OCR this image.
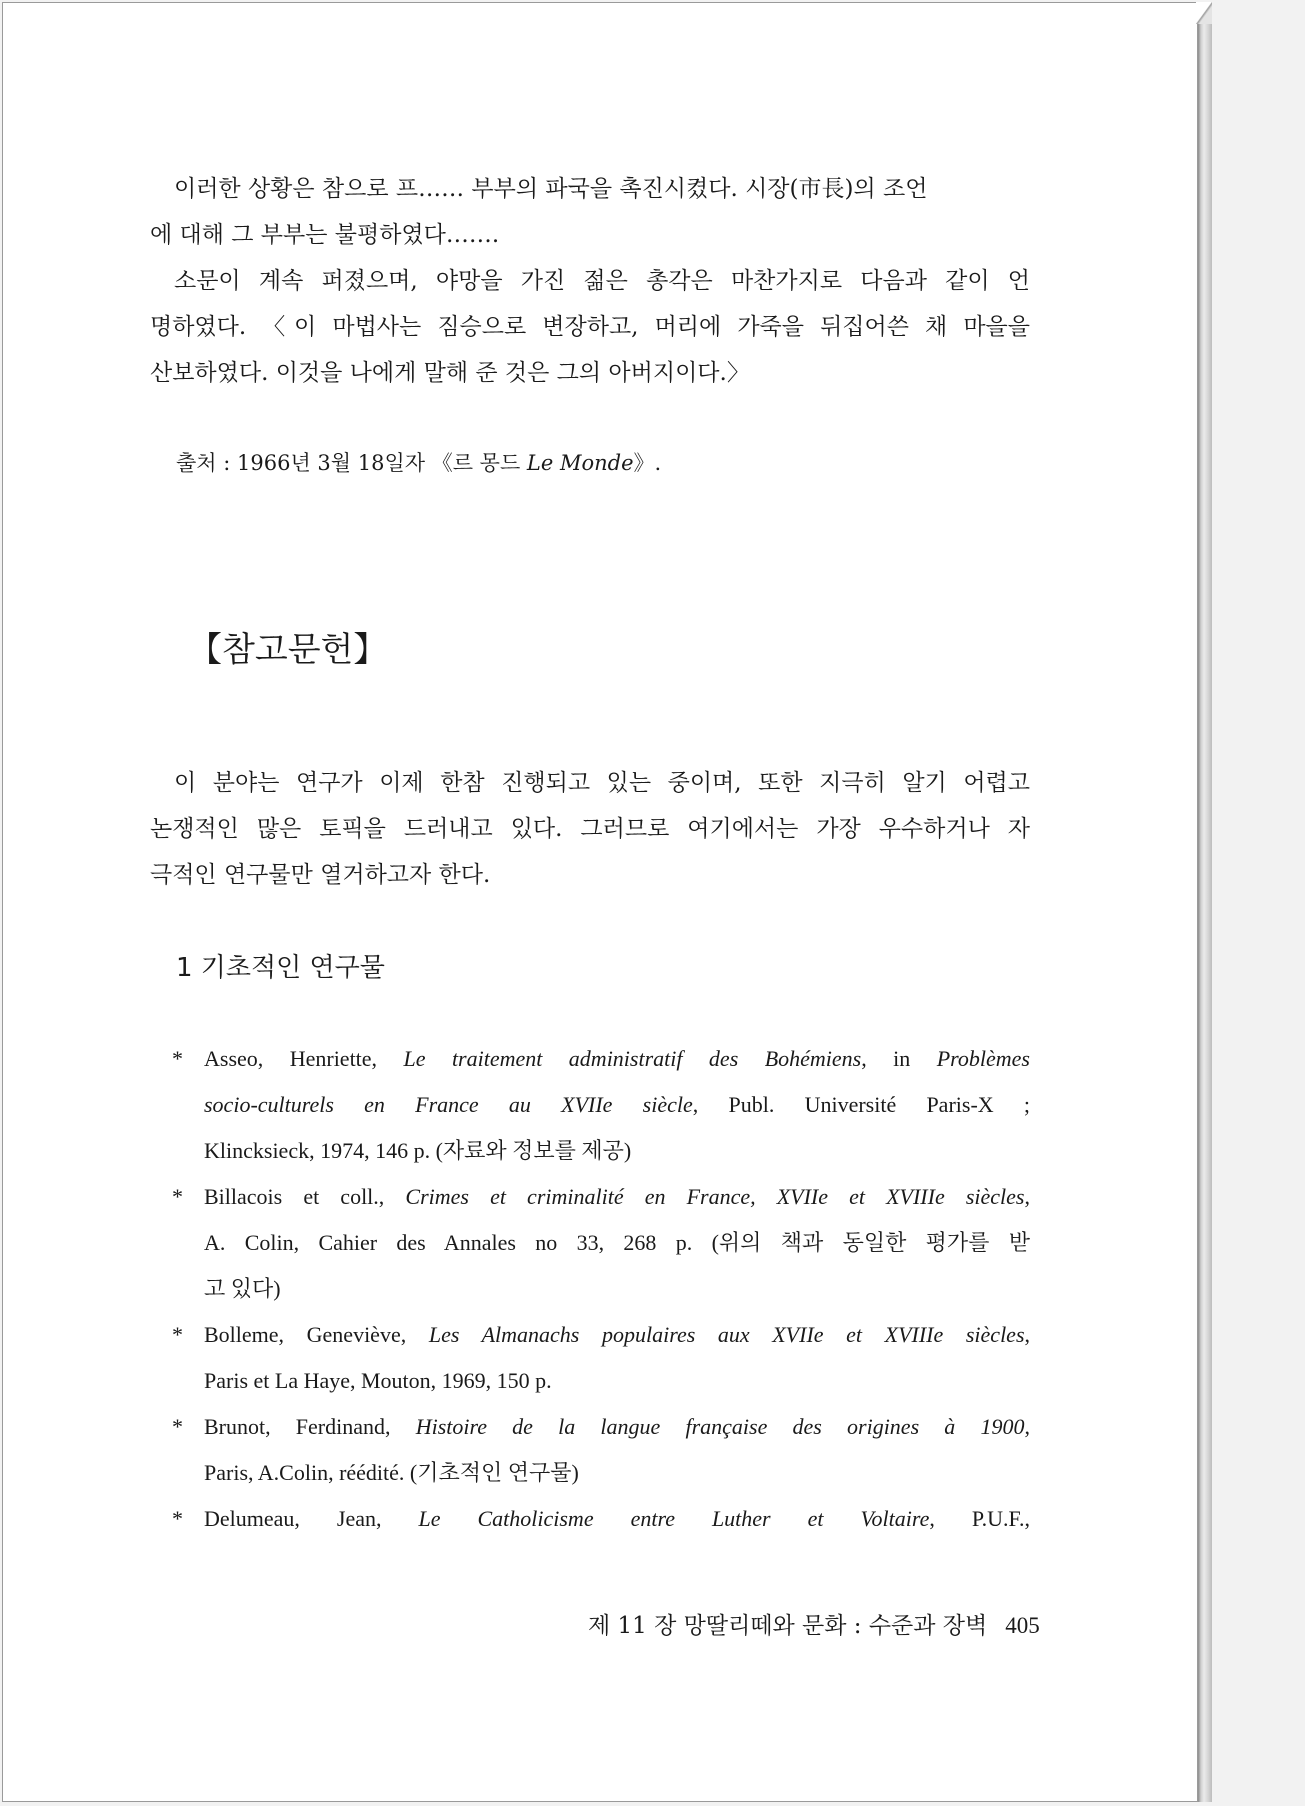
이러한 상황은 참으로 프…… 부부의 파국을 촉진시켰다. 시장(市長)의 조언
에 대해 그 부부는 불평하였다…….
소문이 계속 퍼졌으며, 야망을 가진 젊은 총각은 마찬가지로 다음과 같이 언
명하였다. 〈이 마법사는 짐승으로 변장하고, 머리에 가죽을 뒤집어쓴 채 마을을
산보하였다. 이것을 나에게 말해 준 것은 그의 아버지이다.〉
출처 : 1966년 3월 18일자 《르 몽드 Le Monde》.
【참고문헌】
이 분야는 연구가 이제 한참 진행되고 있는 중이며, 또한 지극히 알기 어렵고
논쟁적인 많은 토픽을 드러내고 있다. 그러므로 여기에서는 가장 우수하거나 자
극적인 연구물만 열거하고자 한다.
1 기초적인 연구물
* Asseo, Henriette, Le traitement administratif des Bohémiens, in Problèmes
socio-culturels en France au XVIIe siècle, Publ. Université Paris-X ;
Klincksieck, 1974, 146 p. (자료와 정보를 제공)
* Billacois et coll., Crimes et criminalité en France, XVIIe et XVIIIe siècles,
A. Colin, Cahier des Annales no 33, 268 p. (위의 책과 동일한 평가를 받
고 있다)
* Bolleme, Geneviève, Les Almanachs populaires aux XVIIe et XVIIIe siècles,
Paris et La Haye, Mouton, 1969, 150 p.
* Brunot, Ferdinand, Histoire de la langue française des origines à 1900,
Paris, A.Colin, réédité. (기초적인 연구물)
* Delumeau, Jean, Le Catholicisme entre Luther et Voltaire, P.U.F.,
제 11 장 망딸리떼와 문화 : 수준과 장벽 405
